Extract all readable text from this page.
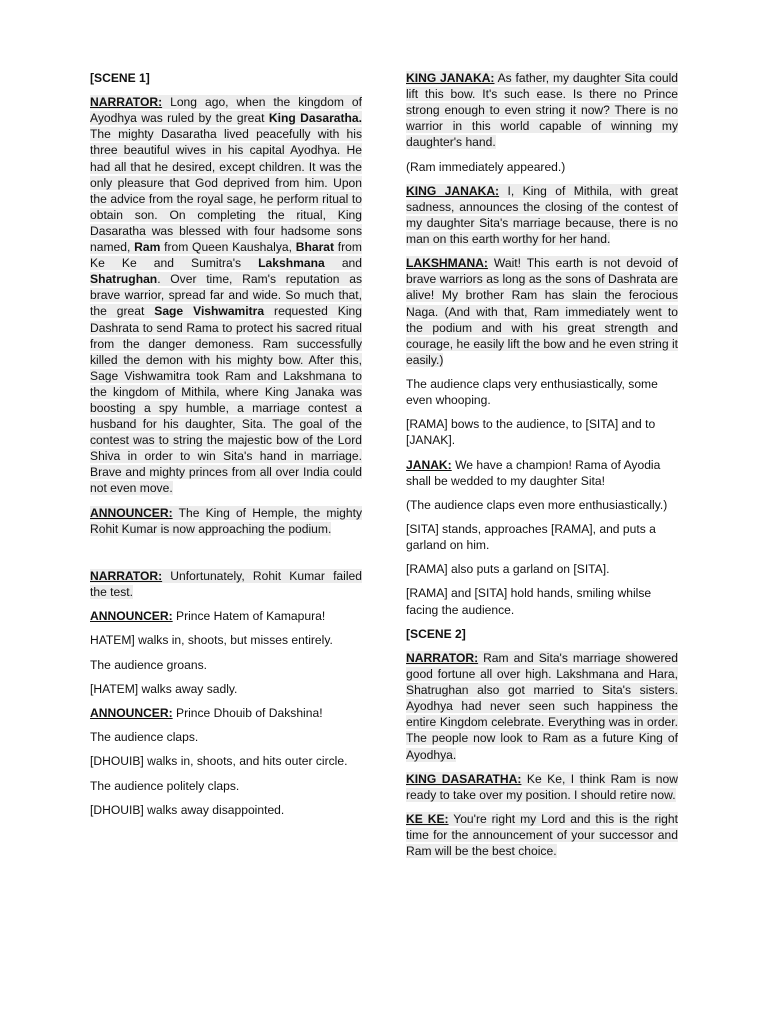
[SCENE 1]

NARRATOR: Long ago, when the kingdom of Ayodhya was ruled by the great King Dasaratha. The mighty Dasaratha lived peacefully with his three beautiful wives in his capital Ayodhya. He had all that he desired, except children. It was the only pleasure that God deprived from him. Upon the advice from the royal sage, he perform ritual to obtain son. On completing the ritual, King Dasaratha was blessed with four hadsome sons named, Ram from Queen Kaushalya, Bharat from Ke Ke and Sumitra's Lakshmana and Shatrughan. Over time, Ram's reputation as brave warrior, spread far and wide. So much that, the great Sage Vishwamitra requested King Dashrata to send Rama to protect his sacred ritual from the danger demoness. Ram successfully killed the demon with his mighty bow. After this, Sage Vishwamitra took Ram and Lakshmana to the kingdom of Mithila, where King Janaka was boosting a spy humble, a marriage contest a husband for his daughter, Sita. The goal of the contest was to string the majestic bow of the Lord Shiva in order to win Sita's hand in marriage. Brave and mighty princes from all over India could not even move.

ANNOUNCER: The King of Hemple, the mighty Rohit Kumar is now approaching the podium.

NARRATOR: Unfortunately, Rohit Kumar failed the test.

ANNOUNCER: Prince Hatem of Kamapura!

HATEM] walks in, shoots, but misses entirely.

The audience groans.

[HATEM] walks away sadly.

ANNOUNCER: Prince Dhouib of Dakshina!

The audience claps.

[DHOUIB] walks in, shoots, and hits outer circle.

The audience politely claps.

[DHOUIB] walks away disappointed.

KING JANAKA: As father, my daughter Sita could lift this bow. It's such ease. Is there no Prince strong enough to even string it now? There is no warrior in this world capable of winning my daughter's hand.

(Ram immediately appeared.)

KING JANAKA: I, King of Mithila, with great sadness, announces the closing of the contest of my daughter Sita's marriage because, there is no man on this earth worthy for her hand.

LAKSHMANA: Wait! This earth is not devoid of brave warriors as long as the sons of Dashrata are alive! My brother Ram has slain the ferocious Naga. (And with that, Ram immediately went to the podium and with his great strength and courage, he easily lift the bow and he even string it easily.)

The audience claps very enthusiastically, some even whooping.

[RAMA] bows to the audience, to [SITA] and to [JANAK].

JANAK: We have a champion! Rama of Ayodia shall be wedded to my daughter Sita!

(The audience claps even more enthusiastically.)

[SITA] stands, approaches [RAMA], and puts a garland on him.

[RAMA] also puts a garland on [SITA].

[RAMA] and [SITA] hold hands, smiling whilse facing the audience.

[SCENE 2]

NARRATOR: Ram and Sita's marriage showered good fortune all over high. Lakshmana and Hara, Shatrughan also got married to Sita's sisters. Ayodhya had never seen such happiness the entire Kingdom celebrate. Everything was in order. The people now look to Ram as a future King of Ayodhya.

KING DASARATHA: Ke Ke, I think Ram is now ready to take over my position. I should retire now.

KE KE: You're right my Lord and this is the right time for the announcement of your successor and Ram will be the best choice.
